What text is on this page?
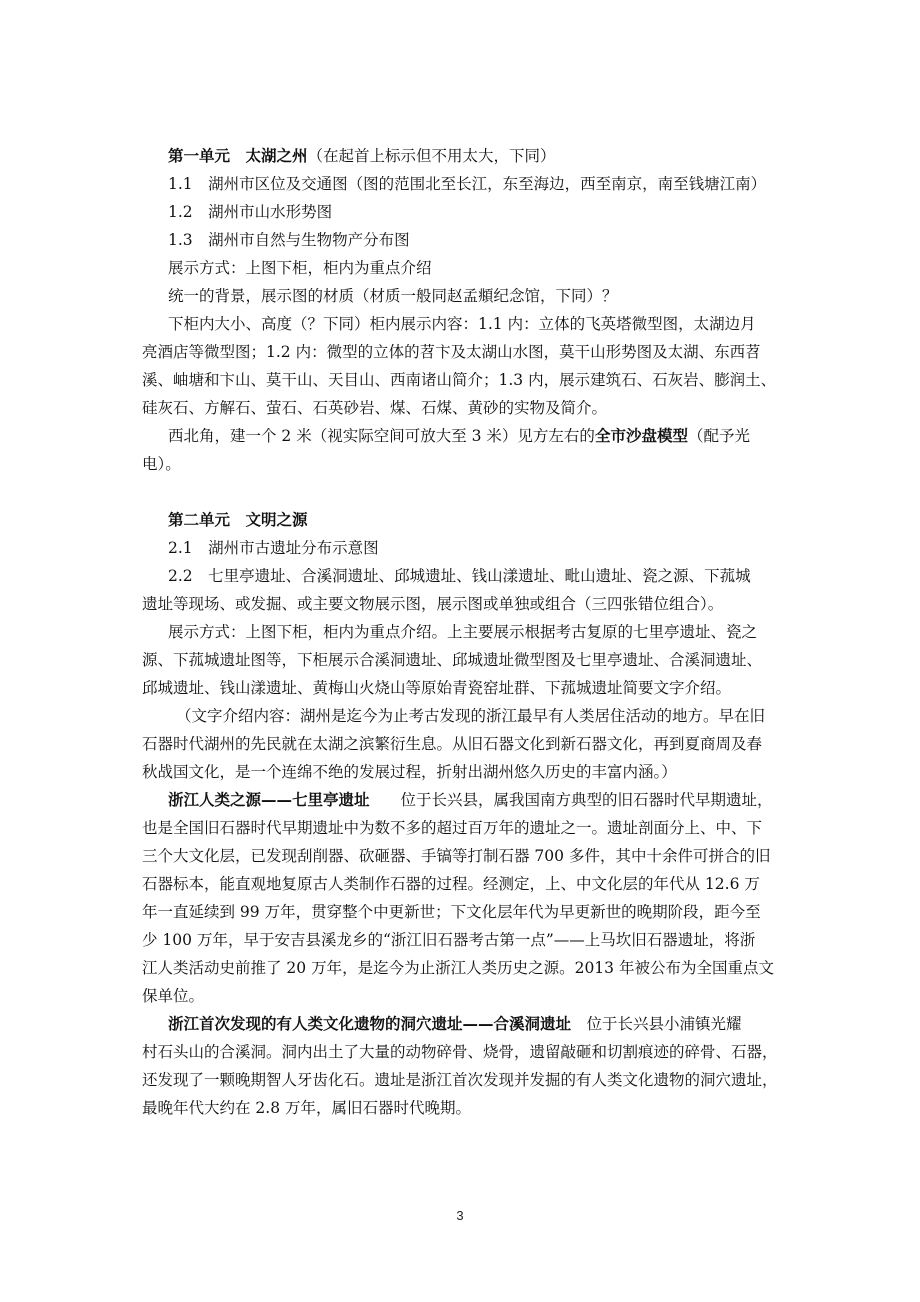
第一单元　太湖之州（在起首上标示但不用太大，下同）
1.1　湖州市区位及交通图（图的范围北至长江，东至海边，西至南京，南至钱塘江南）
1.2　湖州市山水形势图
1.3　湖州市自然与生物物产分布图
展示方式：上图下柜，柜内为重点介绍
统一的背景，展示图的材质（材质一般同赵孟頫纪念馆，下同）？
下柜内大小、高度（？下同）柜内展示内容：1.1 内：立体的飞英塔微型图，太湖边月
亮酒店等微型图；1.2 内：微型的立体的苕卞及太湖山水图，莫干山形势图及太湖、东西苕
溪、岫塘和卞山、莫干山、天目山、西南诸山简介；1.3 内，展示建筑石、石灰岩、膨润土、
硅灰石、方解石、萤石、石英砂岩、煤、石煤、黄砂的实物及简介。
西北角，建一个 2 米（视实际空间可放大至 3 米）见方左右的全市沙盘模型（配予光
电）。
第二单元　文明之源
2.1　湖州市古遗址分布示意图
2.2　七里亭遗址、合溪洞遗址、邱城遗址、钱山漾遗址、毗山遗址、瓷之源、下菰城
遗址等现场、或发掘、或主要文物展示图，展示图或单独或组合（三四张错位组合）。
展示方式：上图下柜，柜内为重点介绍。上主要展示根据考古复原的七里亭遗址、瓷之
源、下菰城遗址图等，下柜展示合溪洞遗址、邱城遗址微型图及七里亭遗址、合溪洞遗址、
邱城遗址、钱山漾遗址、黄梅山火烧山等原始青瓷窑址群、下菰城遗址简要文字介绍。
（文字介绍内容：湖州是迄今为止考古发现的浙江最早有人类居住活动的地方。早在旧
石器时代湖州的先民就在太湖之滨繁衍生息。从旧石器文化到新石器文化，再到夏商周及春
秋战国文化，是一个连绵不绝的发展过程，折射出湖州悠久历史的丰富内涵。）
浙江人类之源——七里亭遗址　　位于长兴县，属我国南方典型的旧石器时代早期遗址，
也是全国旧石器时代早期遗址中为数不多的超过百万年的遗址之一。遗址剖面分上、中、下
三个大文化层，已发现刮削器、砍砸器、手镐等打制石器 700 多件，其中十余件可拼合的旧
石器标本，能直观地复原古人类制作石器的过程。经测定，上、中文化层的年代从 12.6 万
年一直延续到 99 万年，贯穿整个中更新世；下文化层年代为早更新世的晚期阶段，距今至
少 100 万年，早于安吉县溪龙乡的“浙江旧石器考古第一点”——上马坎旧石器遗址，将浙
江人类活动史前推了 20 万年，是迄今为止浙江人类历史之源。2013 年被公布为全国重点文
保单位。
浙江首次发现的有人类文化遗物的洞穴遗址——合溪洞遗址　位于长兴县小浦镇光耀
村石头山的合溪洞。洞内出土了大量的动物碎骨、烧骨，遗留敲砸和切割痕迹的碎骨、石器，
还发现了一颗晚期智人牙齿化石。遗址是浙江首次发现并发掘的有人类文化遗物的洞穴遗址，
最晚年代大约在 2.8 万年，属旧石器时代晚期。
3
